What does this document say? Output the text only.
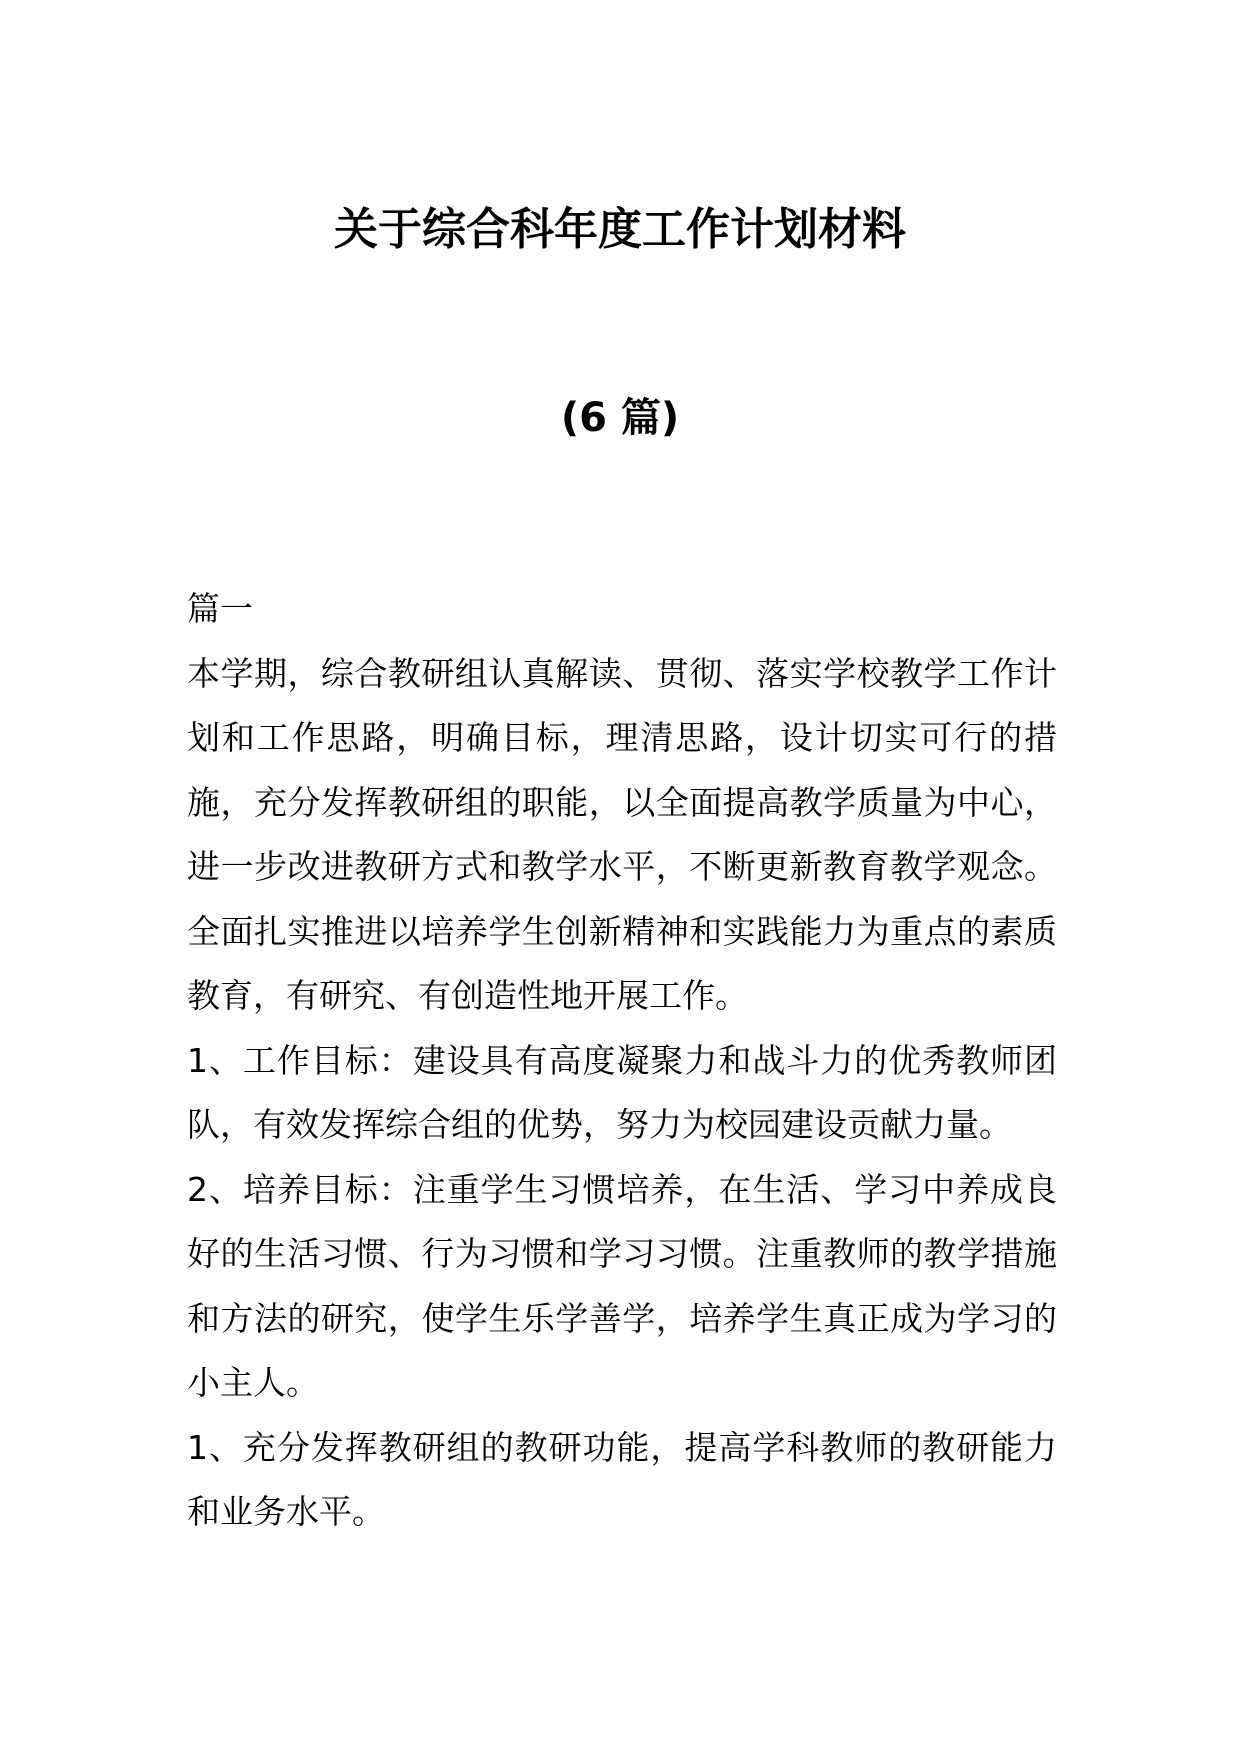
关于综合科年度工作计划材料
(6 篇)

篇一

本学期，综合教研组认真解读、贯彻、落实学校教学工作计划和工作思路，明确目标，理清思路，设计切实可行的措施，充分发挥教研组的职能，以全面提高教学质量为中心，进一步改进教研方式和教学水平，不断更新教育教学观念。全面扎实推进以培养学生创新精神和实践能力为重点的素质教育，有研究、有创造性地开展工作。

1、工作目标：建设具有高度凝聚力和战斗力的优秀教师团队，有效发挥综合组的优势，努力为校园建设贡献力量。

2、培养目标：注重学生习惯培养，在生活、学习中养成良好的生活习惯、行为习惯和学习习惯。注重教师的教学措施和方法的研究，使学生乐学善学，培养学生真正成为学习的小主人。

1、充分发挥教研组的教研功能，提高学科教师的教研能力和业务水平。
